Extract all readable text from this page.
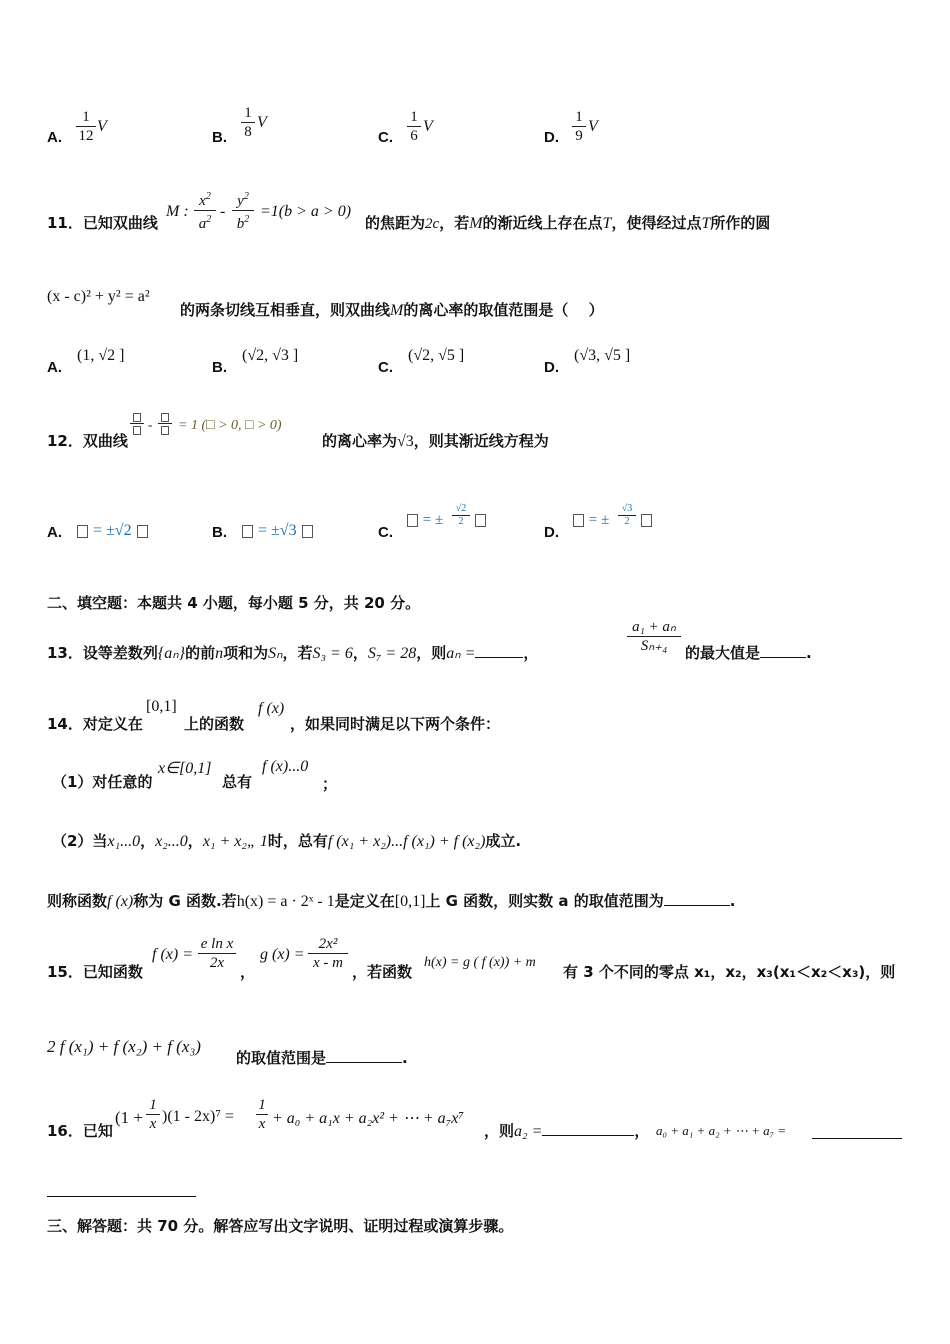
A. $\frac{1}{12}$ V
B. $\frac{1}{8}$ V
C. $\frac{1}{6}$ V
D. $\frac{1}{9}$ V
11．已知双曲线
M : $\frac{x^2}{a^2} - \frac{y^2}{b^2} =1(b > a > 0)$
的焦距为2c，若M的渐近线上存在点T，使得经过点T所作的圆
(x - c)² + y² = a²
的两条切线互相垂直，则双曲线M的离心率的取值范围是（　 ）
A.
(1, √2 ]
B.
(√2, √3 ]
C.
(√2, √5 ]
D.
(√3, √5 ]
12．双曲线
- = 1 (□ > 0, □ > 0)
的离心率为√3，则其渐近线方程为
A.	= ±√2	B.	= ±√3	C.
= ± $\frac{√2}{2}$
D.
= ± $\frac{√3}{2}$
二、填空题：本题共 4 小题，每小题 5 分，共 20 分。
13．设等差数列{aₙ}的前n项和为Sₙ，若S₃ = 6，S₇ = 28，则aₙ =	，	$\frac{\text{a₁ + aₙ}}{\text{Sₙ₊₄}}$ 的最大值是	.
14．对定义在
[0,1]
上的函数
f (x)
，如果同时满足以下两个条件：
（1）对任意的
x∈[0,1]
总有
f (x)...0
；
（2）当x₁...0，x₂...0，x₁ + x₂„ 1时，总有f (x₁ + x₂)...f (x₁) + f (x₂)成立.
则称函数f (x)称为 G 函数.若h(x) = a · 2ˣ - 1是定义在[0,1]上 G 函数，则实数 a 的取值范围为	.
15．已知函数
f $(x) = \frac{\text{e ln x}}{2x}$ ，
g $(x) = \frac{\text{2x²}}{x - m}$ ，若函数
h(x) = g ( f (x)) + m
有 3 个不同的零点 x₁，x₂，x₃(x₁＜x₂＜x₃)，则
2 f (x₁) + f (x₂) + f (x₃)
的取值范围是	.
16．已知
$(1 + \frac{1}{x} )(1 - 2x)^7 = \frac{1}{x} + a_0 + a_1x + a_2x^2$ + ⋯ + a₇x⁷
，则a₂ =	， a₀ + a₁ + a₂ + ⋯ + a₇ =
三、解答题：共 70 分。解答应写出文字说明、证明过程或演算步骤。
